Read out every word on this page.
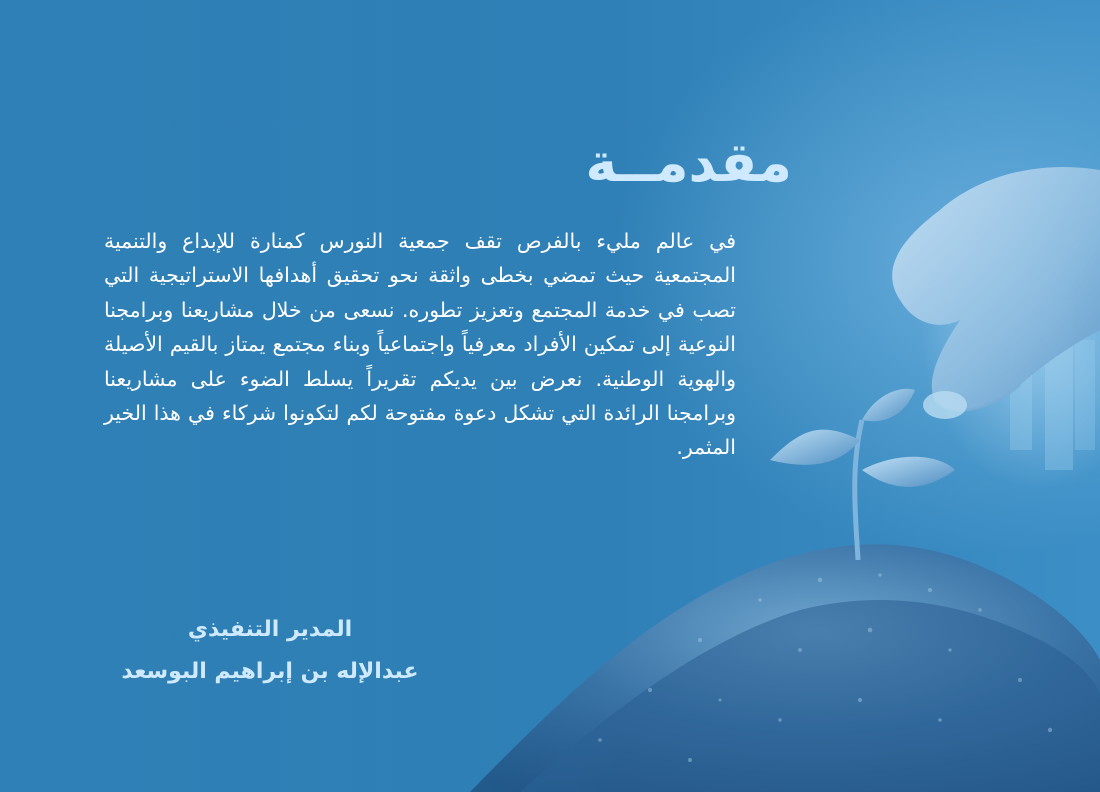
مقدمــة

في عالم مليء بالفرص تقف جمعية النورس كمنارة للإبداع والتنمية المجتمعية حيث تمضي بخطى واثقة نحو تحقيق أهدافها الاستراتيجية التي تصب في خدمة المجتمع وتعزيز تطوره. نسعى من خلال مشاريعنا وبرامجنا النوعية إلى تمكين الأفراد معرفياً واجتماعياً وبناء مجتمع يمتاز بالقيم الأصيلة والهوية الوطنية. نعرض بين يديكم تقريراً يسلط الضوء على مشاريعنا وبرامجنا الرائدة التي تشكل دعوة مفتوحة لكم لتكونوا شركاء في هذا الخير المثمر.

المدير التنفيذي
عبدالإله بن إبراهيم البوسعد
